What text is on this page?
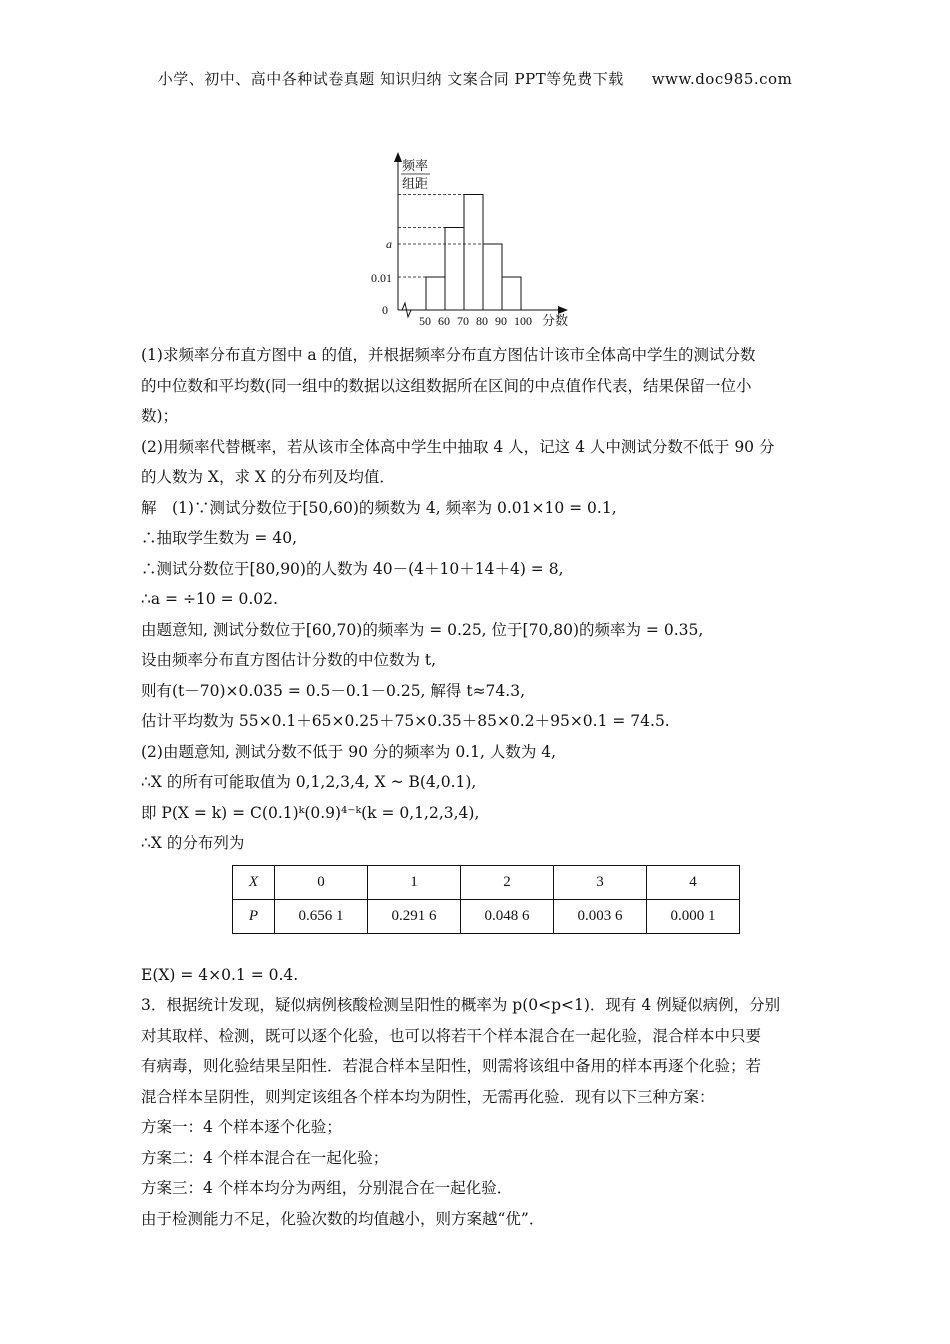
小学、初中、高中各种试卷真题 知识归纳 文案合同 PPT等免费下载 www.doc985.com
频率
组距
0
0.01
a
50 60 70 80 90 100 分数

(1)求频率分布直方图中 a 的值，并根据频率分布直方图估计该市全体高中学生的测试分数

的中位数和平均数(同一组中的数据以这组数据所在区间的中点值作代表，结果保留一位小

数)；

(2)用频率代替概率，若从该市全体高中学生中抽取 4 人，记这 4 人中测试分数不低于 90 分

的人数为 X，求 X 的分布列及均值．

解　(1)∵测试分数位于[50,60)的频数为 4, 频率为 0.01×10 = 0.1,

∴抽取学生数为 = 40,

∴测试分数位于[80,90)的人数为 40－(4＋10＋14＋4) = 8,

∴a = ÷10 = 0.02.

由题意知, 测试分数位于[60,70)的频率为 = 0.25, 位于[70,80)的频率为 = 0.35,

设由频率分布直方图估计分数的中位数为 t,

则有(t－70)×0.035 = 0.5－0.1－0.25, 解得 t≈74.3,

估计平均数为 55×0.1＋65×0.25＋75×0.35＋85×0.2＋95×0.1 = 74.5.

(2)由题意知, 测试分数不低于 90 分的频率为 0.1, 人数为 4,

∴X 的所有可能取值为 0,1,2,3,4, X ~ B(4,0.1),

即 P(X = k) = C(0.1)ᵏ(0.9)⁴⁻ᵏ(k = 0,1,2,3,4),

∴X 的分布列为

X	0	1	2	3	4
P	0.656 1	0.291 6	0.048 6	0.003 6	0.000 1

E(X) = 4×0.1 = 0.4.

3．根据统计发现，疑似病例核酸检测呈阳性的概率为 p(0<p<1)．现有 4 例疑似病例，分别

对其取样、检测，既可以逐个化验，也可以将若干个样本混合在一起化验，混合样本中只要

有病毒，则化验结果呈阳性．若混合样本呈阳性，则需将该组中备用的样本再逐个化验；若

混合样本呈阴性，则判定该组各个样本均为阴性，无需再化验．现有以下三种方案：

方案一：4 个样本逐个化验；

方案二：4 个样本混合在一起化验；

方案三：4 个样本均分为两组，分别混合在一起化验．

由于检测能力不足，化验次数的均值越小，则方案越“优”．
